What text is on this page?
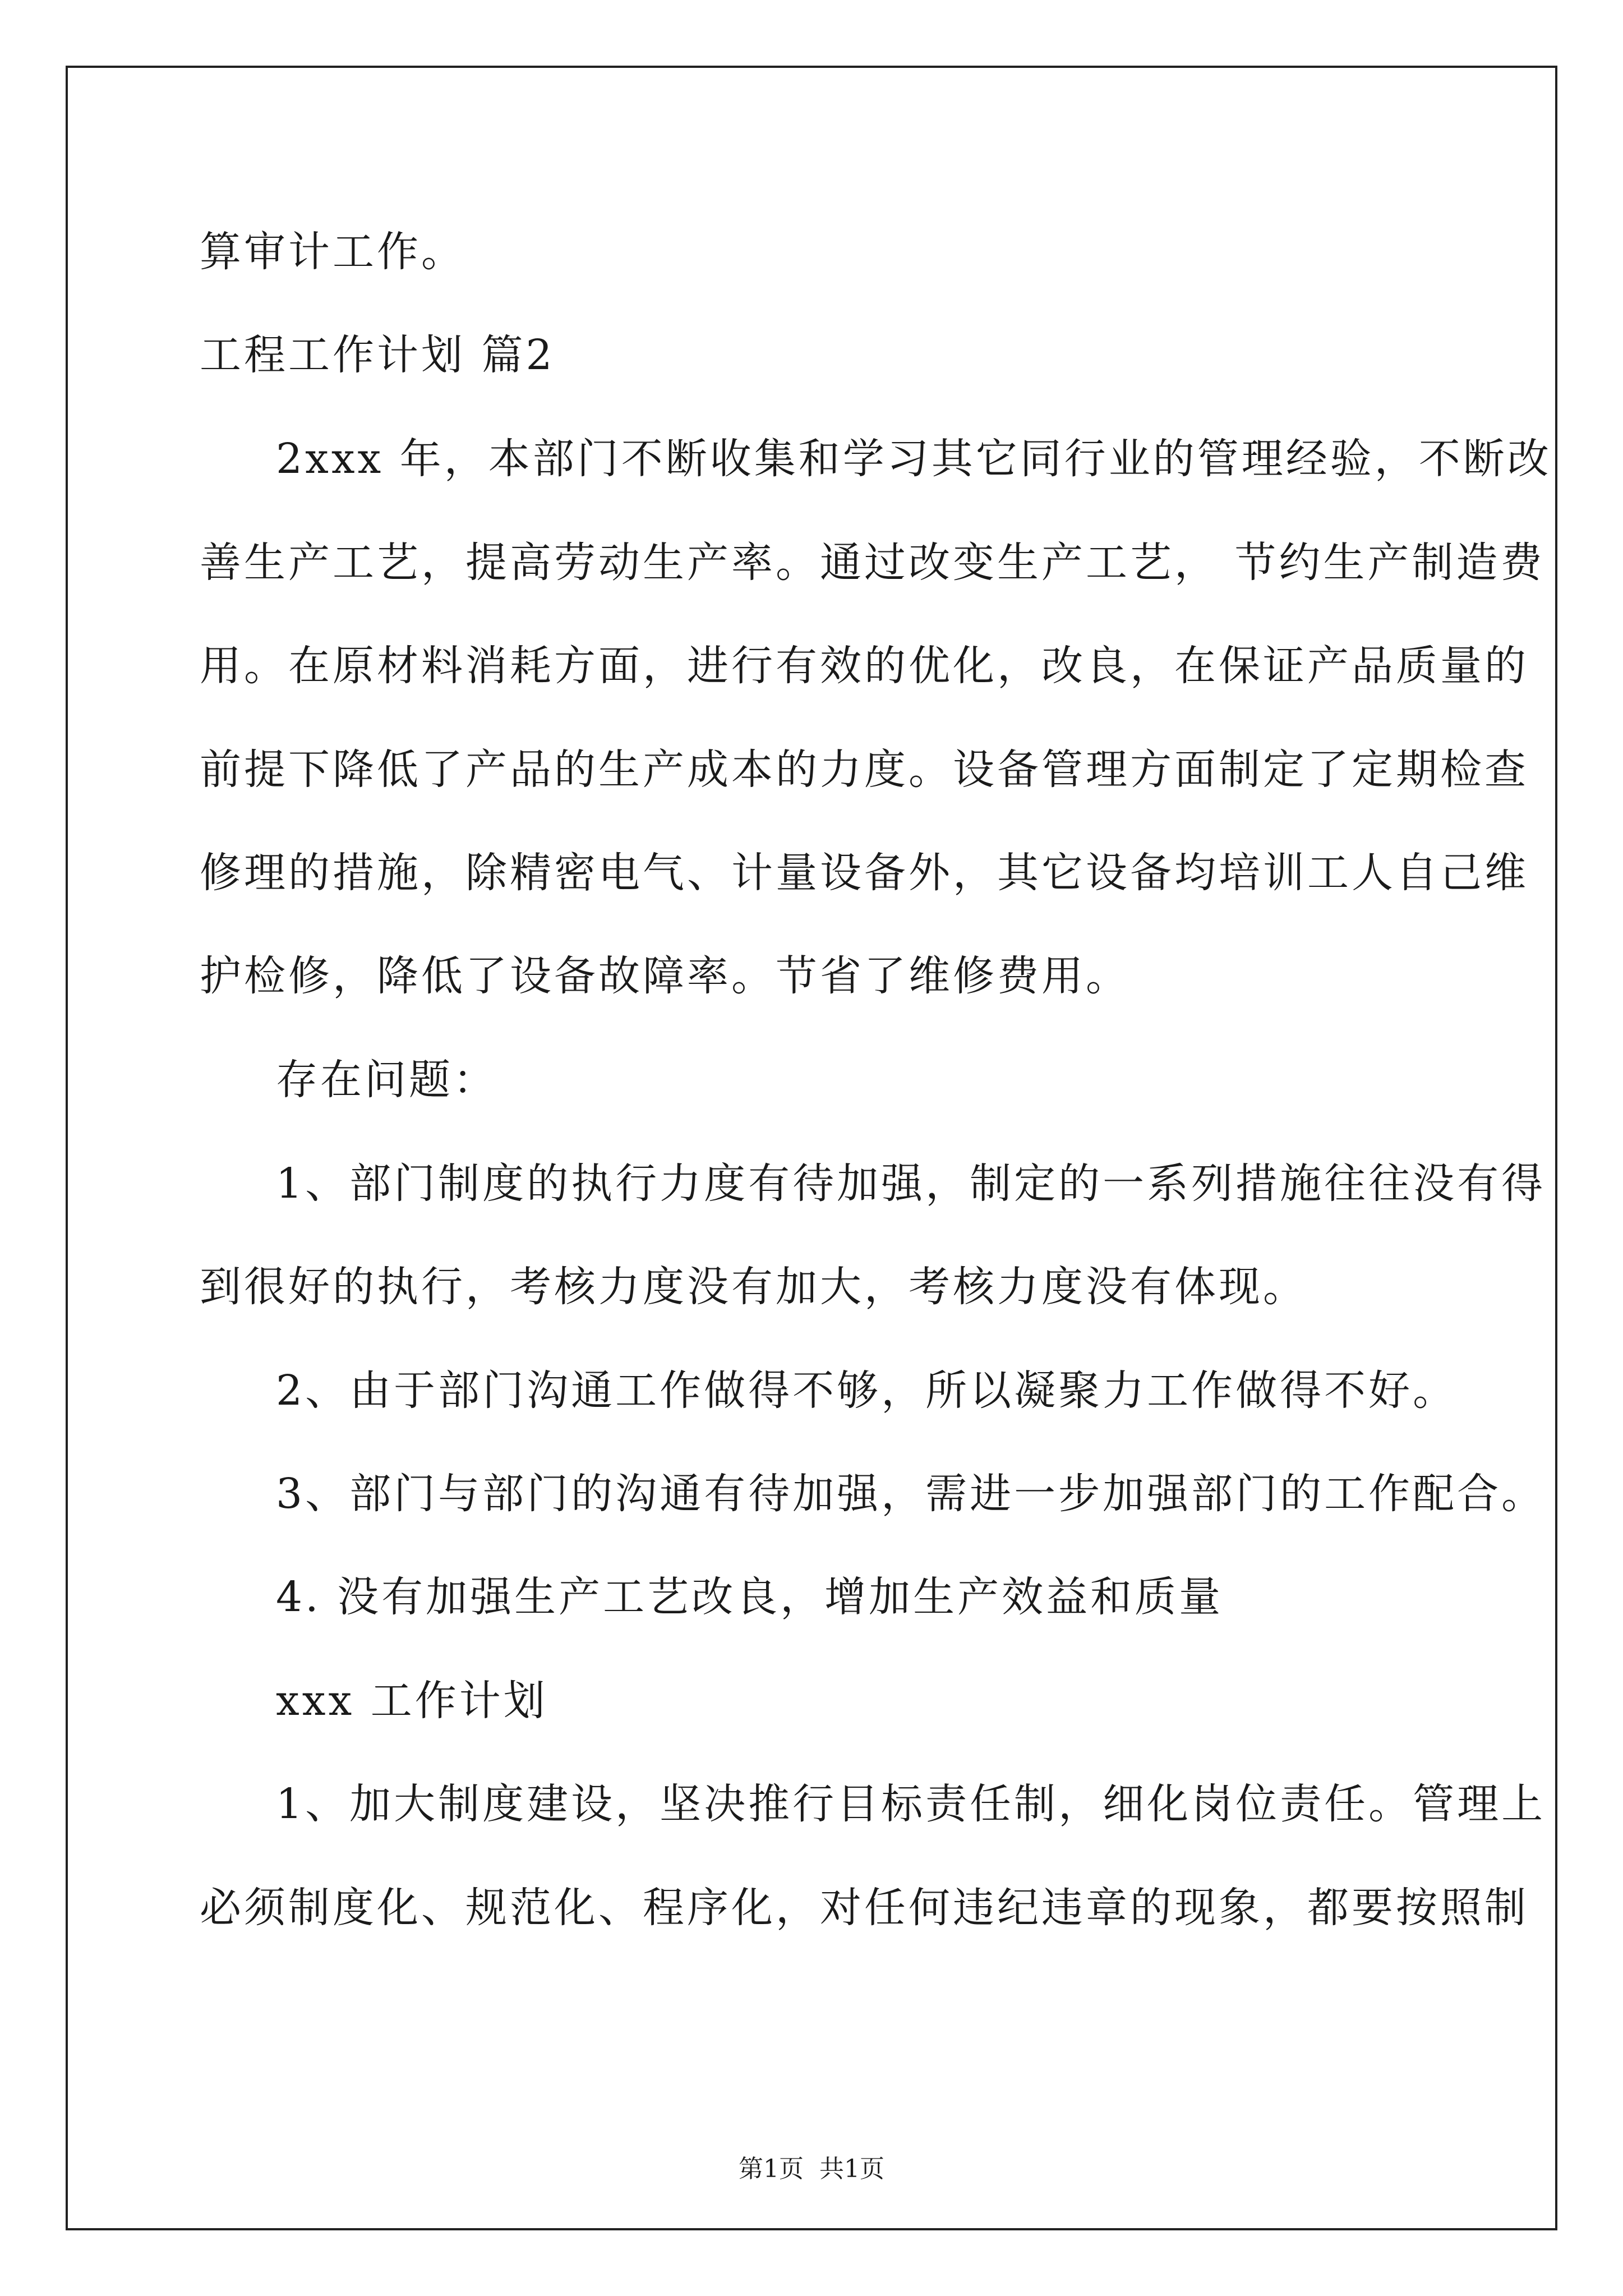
算审计工作。
工程工作计划 篇2
2xxx 年，本部门不断收集和学习其它同行业的管理经验，不断改
善生产工艺，提高劳动生产率。通过改变生产工艺， 节约生产制造费
用。在原材料消耗方面，进行有效的优化，改良，在保证产品质量的
前提下降低了产品的生产成本的力度。设备管理方面制定了定期检查
修理的措施，除精密电气、计量设备外，其它设备均培训工人自己维
护检修，降低了设备故障率。节省了维修费用。
存在问题：
1、部门制度的执行力度有待加强，制定的一系列措施往往没有得
到很好的执行，考核力度没有加大，考核力度没有体现。
2、由于部门沟通工作做得不够，所以凝聚力工作做得不好。
3、部门与部门的沟通有待加强，需进一步加强部门的工作配合。
4. 没有加强生产工艺改良，增加生产效益和质量
xxx 工作计划
1、加大制度建设，坚决推行目标责任制，细化岗位责任。管理上
必须制度化、规范化、程序化，对任何违纪违章的现象，都要按照制
第1页  共1页
